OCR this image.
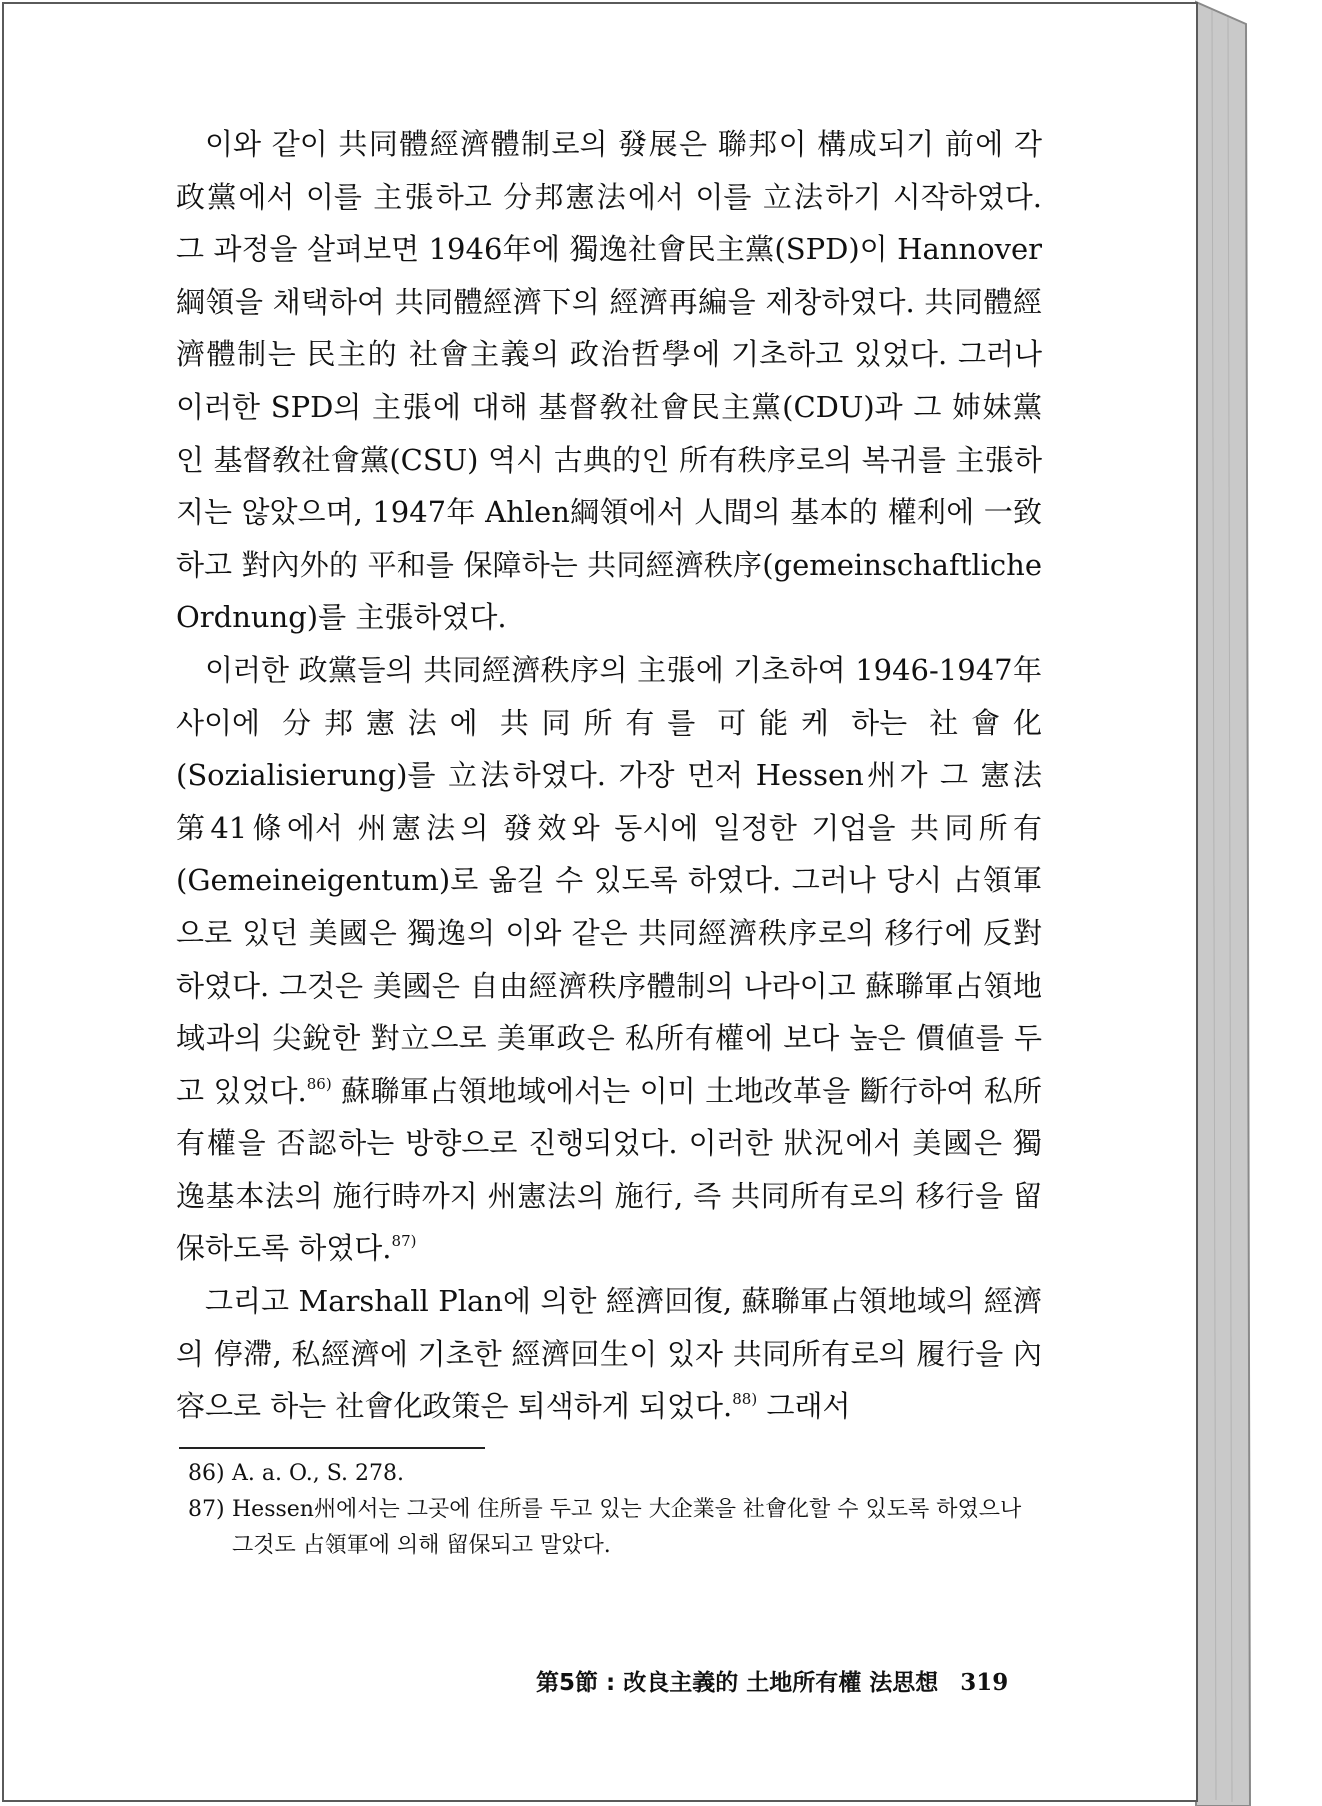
이와 같이 共同體經濟體制로의 發展은 聯邦이 構成되기 前에 각 政黨에서 이를 主張하고 分邦憲法에서 이를 立法하기 시작하였다. 그 과정을 살펴보면 1946年에 獨逸社會民主黨(SPD)이 Hannover綱領을 채택하여 共同體經濟下의 經濟再編을 제창하였다. 共同體經濟體制는 民主的 社會主義의 政治哲學에 기초하고 있었다. 그러나 이러한 SPD의 主張에 대해 基督敎社會民主黨(CDU)과 그 姉妹黨인 基督敎社會黨(CSU) 역시 古典的인 所有秩序로의 복귀를 主張하지는 않았으며, 1947年 Ahlen綱領에서 人間의 基本的 權利에 一致하고 對內外的 平和를 保障하는 共同經濟秩序(gemeinschaftliche Ordnung)를 主張하였다.

이러한 政黨들의 共同經濟秩序의 主張에 기초하여 1946-1947年 사이에 分邦憲法에 共同所有를 可能케 하는 社會化(Sozialisierung)를 立法하였다. 가장 먼저 Hessen州가 그 憲法 第41條에서 州憲法의 發效와 동시에 일정한 기업을 共同所有(Gemeineigentum)로 옮길 수 있도록 하였다. 그러나 당시 占領軍으로 있던 美國은 獨逸의 이와 같은 共同經濟秩序로의 移行에 反對하였다. 그것은 美國은 自由經濟秩序體制의 나라이고 蘇聯軍占領地域과의 尖銳한 對立으로 美軍政은 私所有權에 보다 높은 價値를 두고 있었다.$^{86)}$ 蘇聯軍占領地域에서는 이미 土地改革을 斷行하여 私所有權을 否認하는 방향으로 진행되었다. 이러한 狀況에서 美國은 獨逸基本法의 施行時까지 州憲法의 施行, 즉 共同所有로의 移行을 留保하도록 하였다.$^{87)}$

그리고 Marshall Plan에 의한 經濟回復, 蘇聯軍占領地域의 經濟의 停滯, 私經濟에 기초한 經濟回生이 있자 共同所有로의 履行을 內容으로 하는 社會化政策은 퇴색하게 되었다.$^{88)}$ 그래서

86) A. a. O., S. 278.
87) Hessen州에서는 그곳에 住所를 두고 있는 大企業을 社會化할 수 있도록 하였으나 그것도 占領軍에 의해 留保되고 말았다.
第5節 : 改良主義的 土地所有權 法思想 319
